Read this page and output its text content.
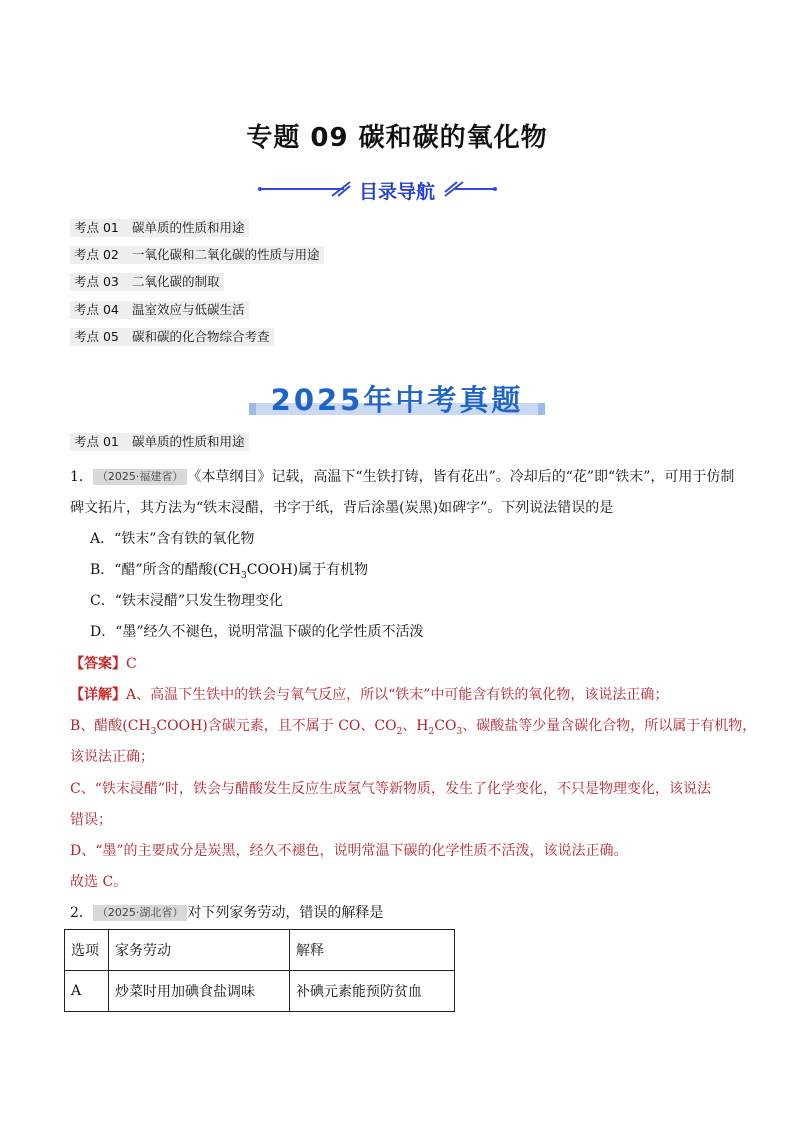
专题 09 碳和碳的氧化物
目录导航
考点 01 碳单质的性质和用途
考点 02 一氧化碳和二氧化碳的性质与用途
考点 03 二氧化碳的制取
考点 04 温室效应与低碳生活
考点 05 碳和碳的化合物综合考查
2025年中考真题
考点 01 碳单质的性质和用途
1． （2025·福建省） 《本草纲目》记载，高温下“生铁打铸，皆有花出”。冷却后的“花”即“铁末”，可用于仿制
碑文拓片，其方法为“铁末浸醋，书字于纸，背后涂墨(炭黑)如碑字”。下列说法错误的是
A．“铁末”含有铁的氧化物
B．“醋”所含的醋酸$(CH_3COOH)$属于有机物
C．“铁末浸醋”只发生物理变化
D．“墨”经久不褪色，说明常温下碳的化学性质不活泼
【答案】C
【详解】A、高温下生铁中的铁会与氧气反应，所以“铁末”中可能含有铁的氧化物，该说法正确；
B、醋酸$(CH_3COOH)$含碳元素，且不属于 CO、$CO_2$、$H_2CO_3$、碳酸盐等少量含碳化合物，所以属于有机物，
该说法正确；
C、“铁末浸醋”时，铁会与醋酸发生反应生成氢气等新物质，发生了化学变化，不只是物理变化，该说法
错误；
D、“墨”的主要成分是炭黑，经久不褪色，说明常温下碳的化学性质不活泼，该说法正确。
故选 C。
2． （2025·湖北省） 对下列家务劳动，错误的解释是
选项	家务劳动	解释
A	炒菜时用加碘食盐调味	补碘元素能预防贫血
